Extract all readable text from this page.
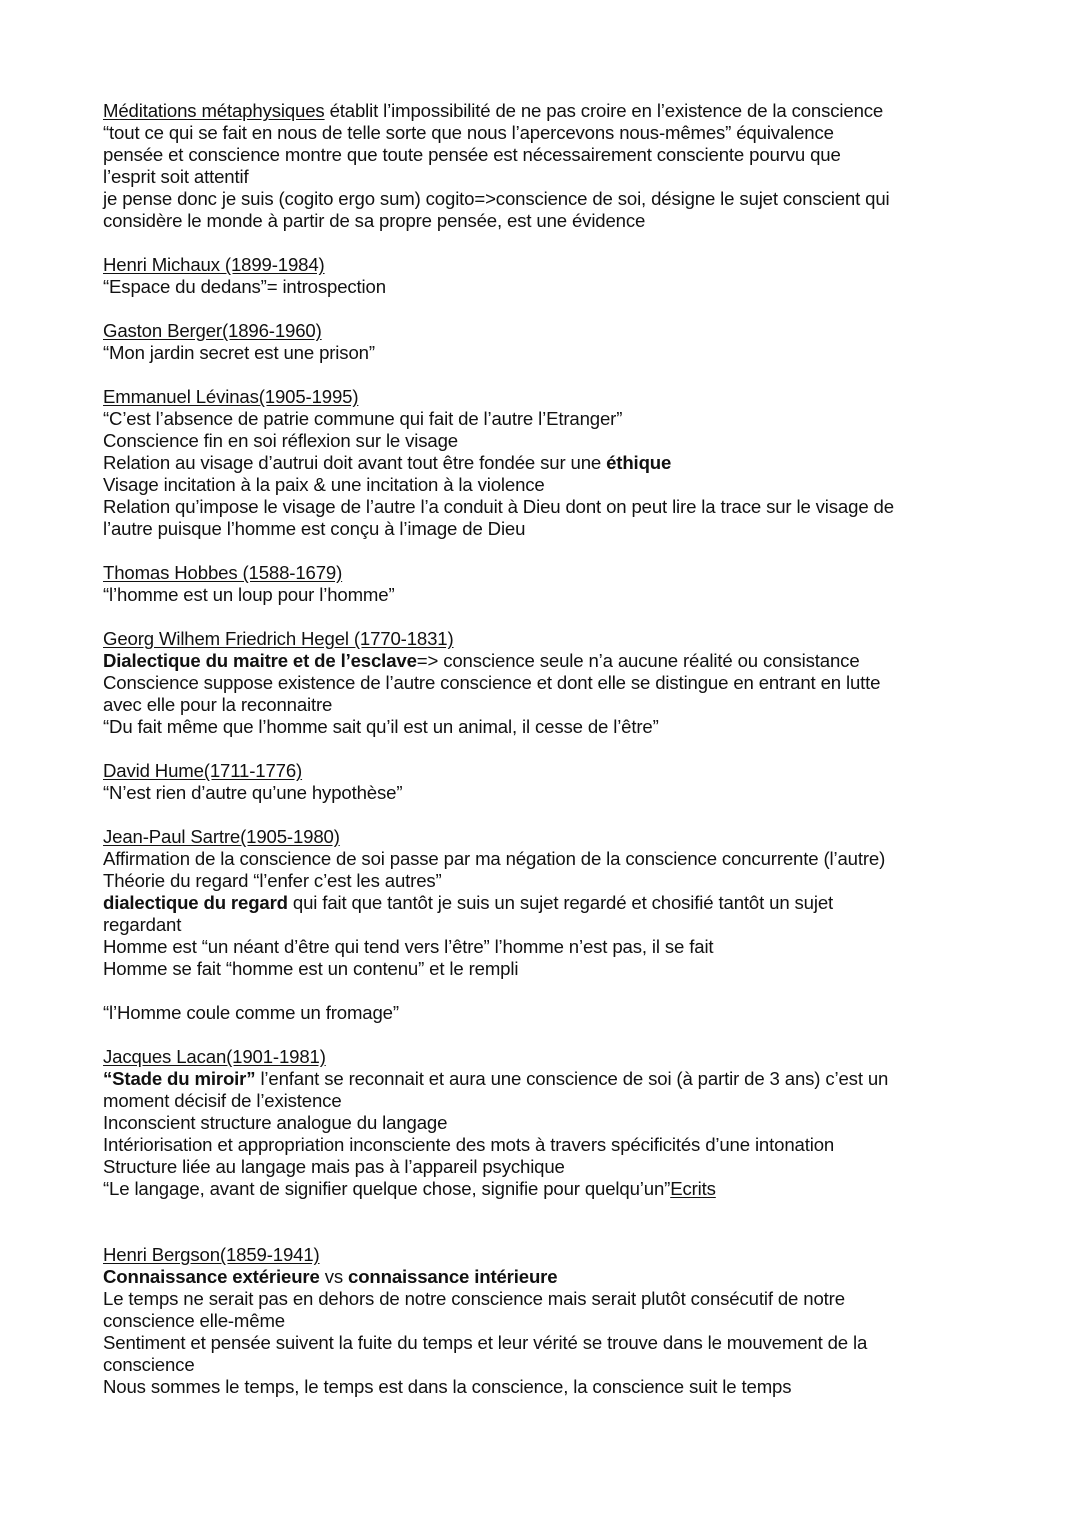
Méditations métaphysiques établit l’impossibilité de ne pas croire en l’existence de la conscience
“tout ce qui se fait en nous de telle sorte que nous l’apercevons nous-mêmes” équivalence
pensée et conscience montre que toute pensée est nécessairement consciente pourvu que
l’esprit soit attentif
je pense donc je suis (cogito ergo sum) cogito=>conscience de soi, désigne le sujet conscient qui
considère le monde à partir de sa propre pensée, est une évidence
Henri Michaux (1899-1984)
“Espace du dedans”= introspection
Gaston Berger(1896-1960)
“Mon jardin secret est une prison”
Emmanuel Lévinas(1905-1995)
“C’est l’absence de patrie commune qui fait de l’autre l’Etranger”
Conscience fin en soi réflexion sur le visage
Relation au visage d’autrui doit avant tout être fondée sur une éthique
Visage incitation à la paix & une incitation à la violence
Relation qu’impose le visage de l’autre l’a conduit à Dieu dont on peut lire la trace sur le visage de
l’autre puisque l’homme est conçu à l’image de Dieu
Thomas Hobbes (1588-1679)
“l’homme est un loup pour l’homme”
Georg Wilhem Friedrich Hegel (1770-1831)
Dialectique du maitre et de l’esclave=> conscience seule n’a aucune réalité ou consistance
Conscience suppose existence de l’autre conscience et dont elle se distingue en entrant en lutte
avec elle pour la reconnaitre
“Du fait même que l’homme sait qu’il est un animal, il cesse de l’être”
David Hume(1711-1776)
“N’est rien d’autre qu’une hypothèse”
Jean-Paul Sartre(1905-1980)
Affirmation de la conscience de soi passe par ma négation de la conscience concurrente (l’autre)
Théorie du regard “l’enfer c’est les autres”
dialectique du regard qui fait que tantôt je suis un sujet regardé et chosifié tantôt un sujet
regardant
Homme est “un néant d’être qui tend vers l’être” l’homme n’est pas, il se fait
Homme se fait “homme est un contenu” et le rempli
“l’Homme coule comme un fromage”
Jacques Lacan(1901-1981)
“Stade du miroir” l’enfant se reconnait et aura une conscience de soi (à partir de 3 ans) c’est un
moment décisif de l’existence
Inconscient structure analogue du langage
Intériorisation et appropriation inconsciente des mots à travers spécificités d’une intonation
Structure liée au langage mais pas à l’appareil psychique
“Le langage, avant de signifier quelque chose, signifie pour quelqu’un”Ecrits
Henri Bergson(1859-1941)
Connaissance extérieure vs connaissance intérieure
Le temps ne serait pas en dehors de notre conscience mais serait plutôt consécutif de notre
conscience elle-même
Sentiment et pensée suivent la fuite du temps et leur vérité se trouve dans le mouvement de la
conscience
Nous sommes le temps, le temps est dans la conscience, la conscience suit le temps
